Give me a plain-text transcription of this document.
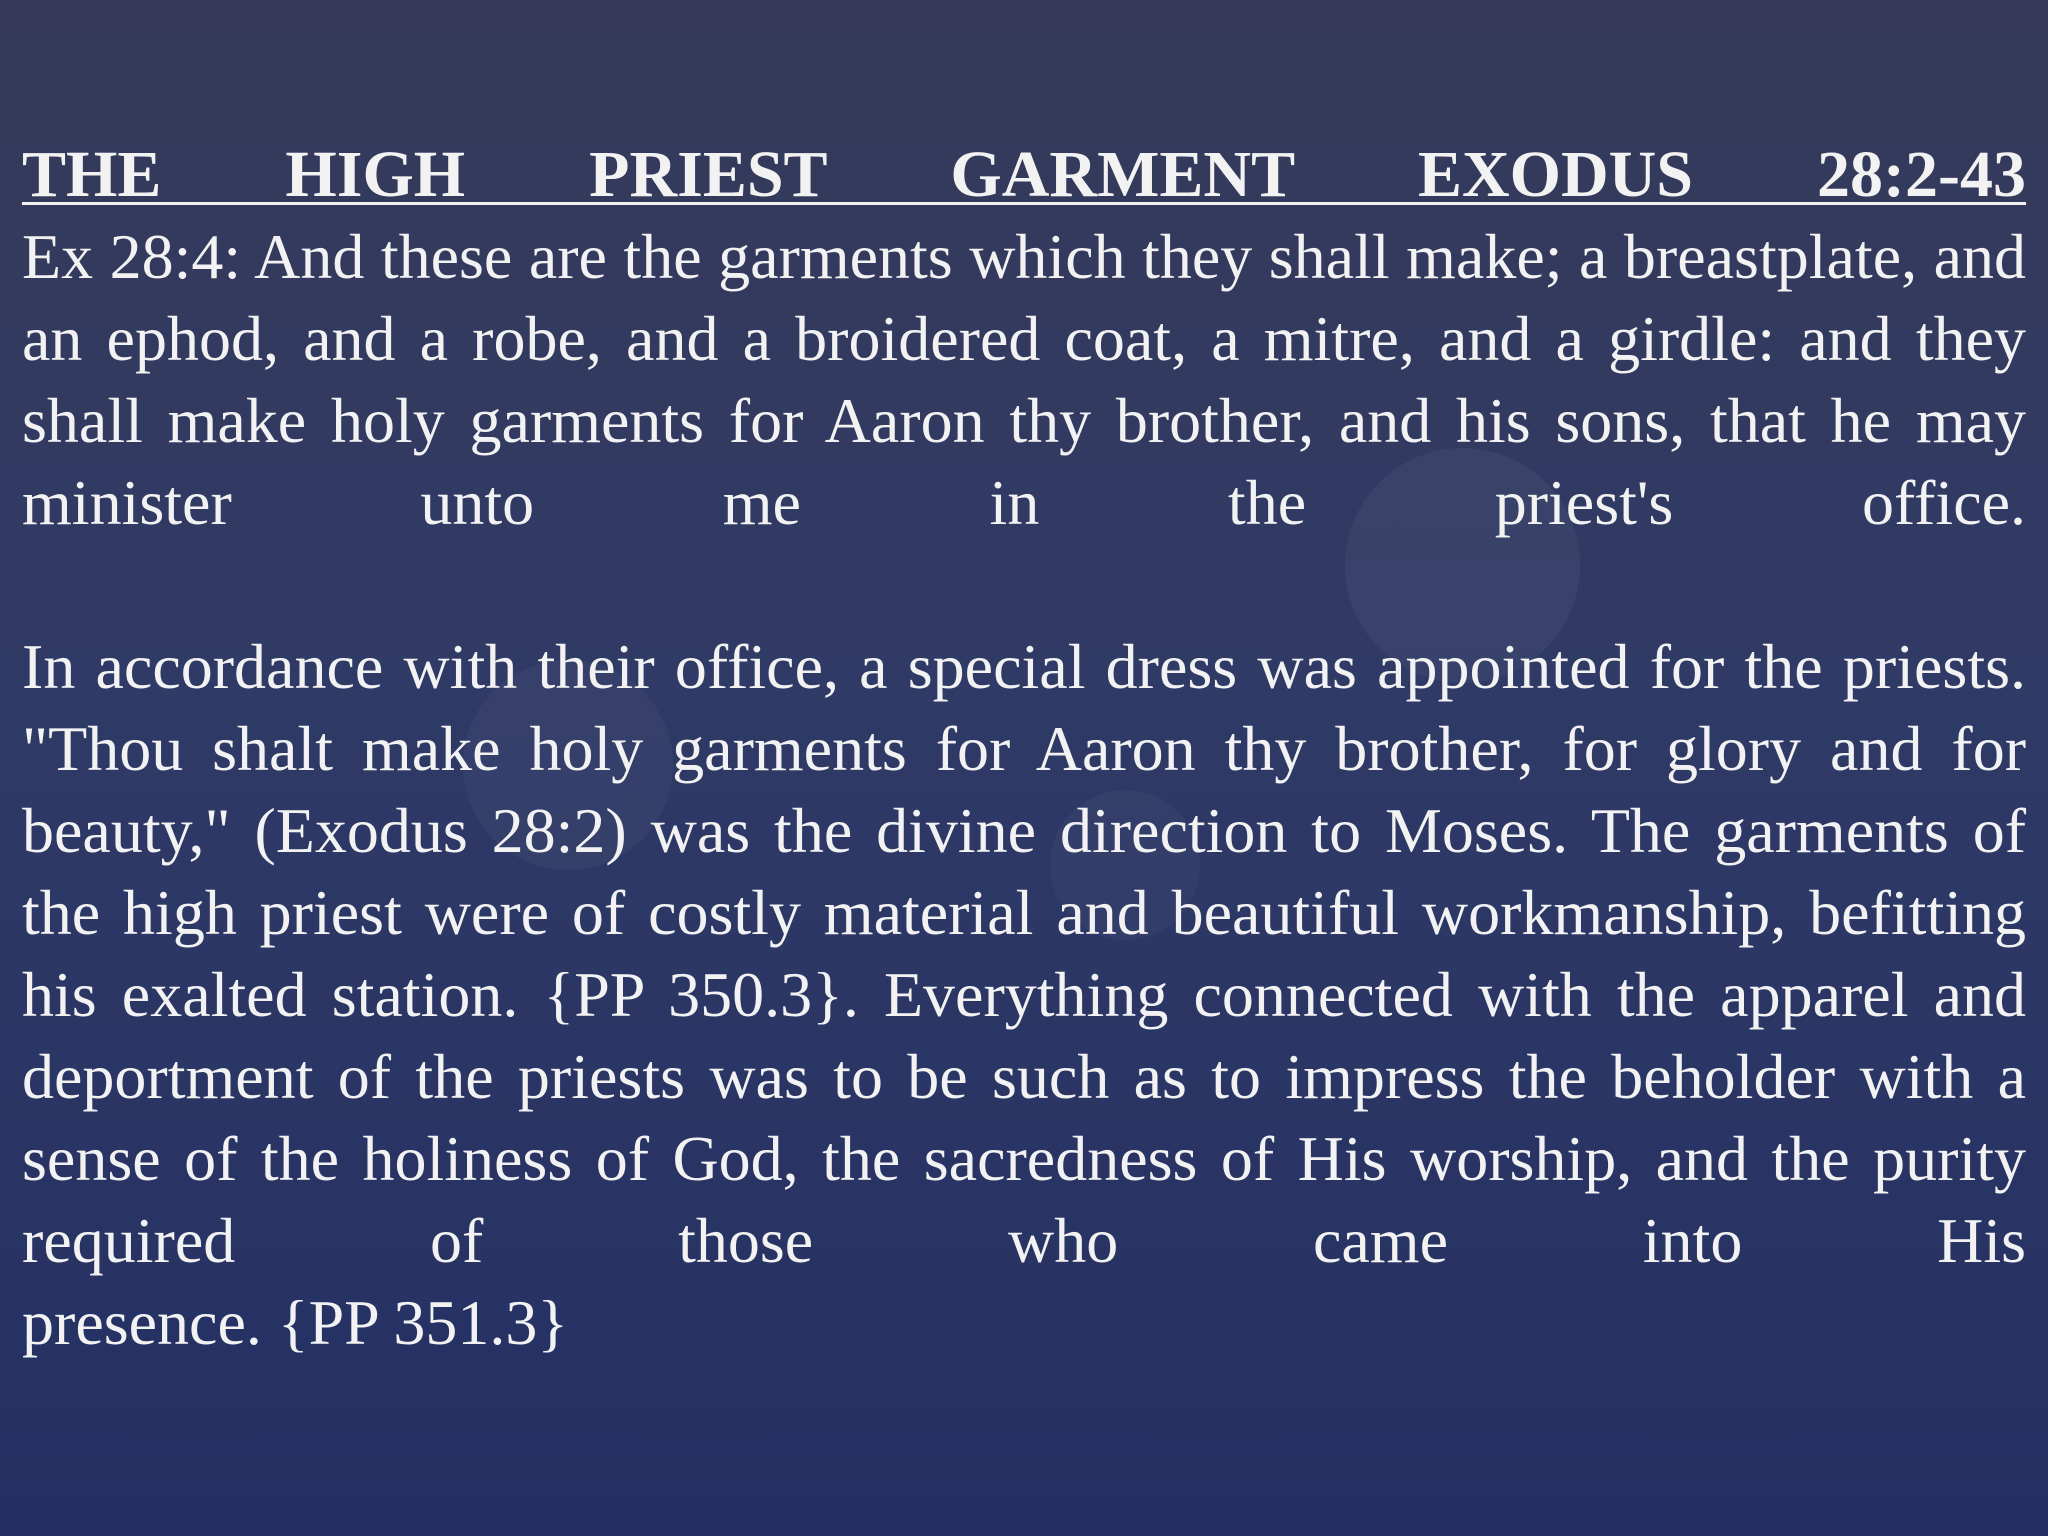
THE HIGH PRIEST GARMENT EXODUS 28:2-43

Ex 28:4: And these are the garments which they shall make; a breastplate, and an ephod, and a robe, and a broidered coat, a mitre, and a girdle: and they shall make holy garments for Aaron thy brother, and his sons, that he may minister unto me in the priest's office.

In accordance with their office, a special dress was appointed for the priests. "Thou shalt make holy garments for Aaron thy brother, for glory and for beauty," (Exodus 28:2) was the divine direction to Moses. The garments of the high priest were of costly material and beautiful workmanship, befitting his exalted station. {PP 350.3}. Everything connected with the apparel and deportment of the priests was to be such as to impress the beholder with a sense of the holiness of God, the sacredness of His worship, and the purity required of those who came into His
presence. {PP 351.3}
